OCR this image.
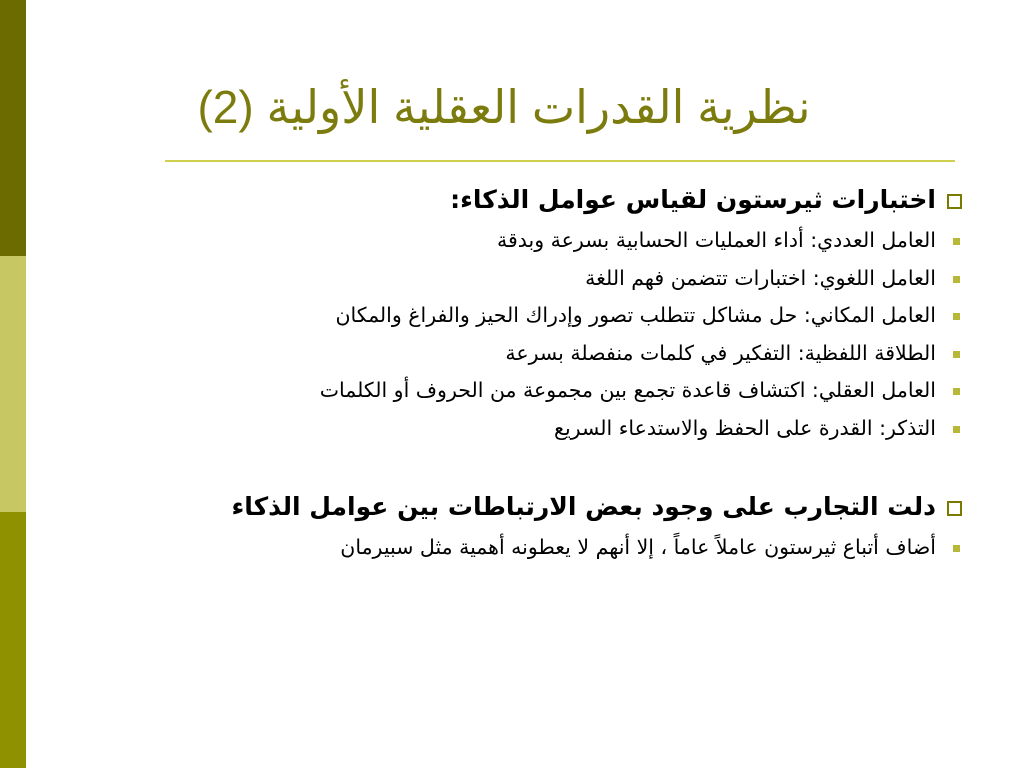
نظرية القدرات العقلية الأولية (2)
اختبارات ثيرستون لقياس عوامل الذكاء:
العامل العددي: أداء العمليات الحسابية بسرعة وبدقة
العامل اللغوي: اختبارات تتضمن فهم اللغة
العامل المكاني: حل مشاكل تتطلب تصور وإدراك الحيز والفراغ والمكان
الطلاقة اللفظية: التفكير في كلمات منفصلة بسرعة
العامل العقلي: اكتشاف قاعدة تجمع بين مجموعة من الحروف أو الكلمات
التذكر: القدرة على الحفظ والاستدعاء السريع
دلت التجارب على وجود بعض الارتباطات بين عوامل الذكاء
أضاف أتباع ثيرستون عاملاً عاماً ، إلا أنهم لا يعطونه أهمية مثل سبيرمان
